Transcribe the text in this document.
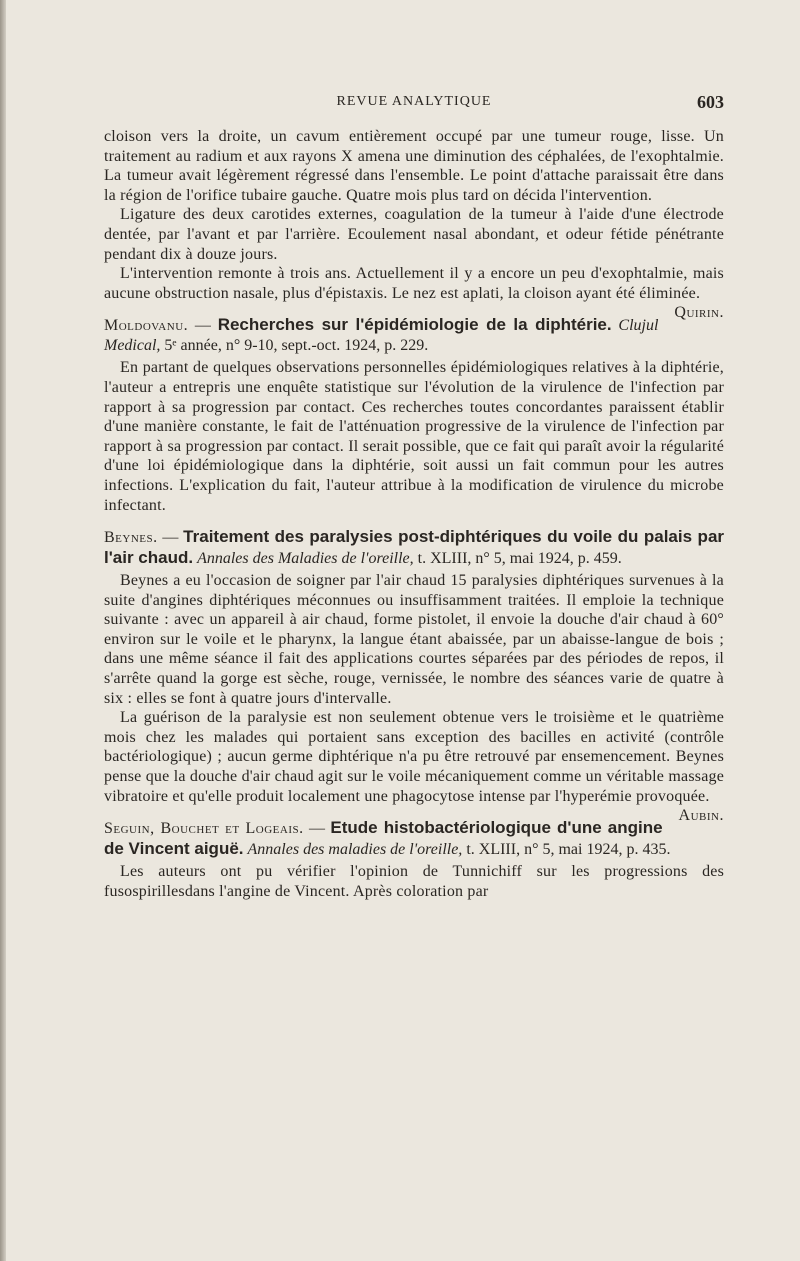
REVUE ANALYTIQUE	603

cloison vers la droite, un cavum entièrement occupé par une tumeur rouge, lisse. Un traitement au radium et aux rayons X amena une diminution des céphalées, de l'exophtalmie. La tumeur avait légèrement régressé dans l'ensemble. Le point d'attache paraissait être dans la région de l'orifice tubaire gauche. Quatre mois plus tard on décida l'intervention.

Ligature des deux carotides externes, coagulation de la tumeur à l'aide d'une électrode dentée, par l'avant et par l'arrière. Ecoulement nasal abondant, et odeur fétide pénétrante pendant dix à douze jours.

L'intervention remonte à trois ans. Actuellement il y a encore un peu d'exophtalmie, mais aucune obstruction nasale, plus d'épistaxis. Le nez est aplati, la cloison ayant été éliminée.
Quirin.

Moldovanu. — Recherches sur l'épidémiologie de la diphtérie. Clujul Medical, 5ᵉ année, n° 9-10, sept.-oct. 1924, p. 229.

En partant de quelques observations personnelles épidémiologiques relatives à la diphtérie, l'auteur a entrepris une enquête statistique sur l'évolution de la virulence de l'infection par rapport à sa progression par contact. Ces recherches toutes concordantes paraissent établir d'une manière constante, le fait de l'atténuation progressive de la virulence de l'infection par rapport à sa progression par contact. Il serait possible, que ce fait qui paraît avoir la régularité d'une loi épidémiologique dans la diphtérie, soit aussi un fait commun pour les autres infections. L'explication du fait, l'auteur attribue à la modification de virulence du microbe infectant.

Beynes. — Traitement des paralysies post-diphtériques du voile du palais par l'air chaud. Annales des Maladies de l'oreille, t. XLIII, n° 5, mai 1924, p. 459.

Beynes a eu l'occasion de soigner par l'air chaud 15 paralysies diphtériques survenues à la suite d'angines diphtériques méconnues ou insuffisamment traitées. Il emploie la technique suivante : avec un appareil à air chaud, forme pistolet, il envoie la douche d'air chaud à 60° environ sur le voile et le pharynx, la langue étant abaissée, par un abaisse-langue de bois ; dans une même séance il fait des applications courtes séparées par des périodes de repos, il s'arrête quand la gorge est sèche, rouge, vernissée, le nombre des séances varie de quatre à six : elles se font à quatre jours d'intervalle.

La guérison de la paralysie est non seulement obtenue vers le troisième et le quatrième mois chez les malades qui portaient sans exception des bacilles en activité (contrôle bactériologique) ; aucun germe diphtérique n'a pu être retrouvé par ensemencement. Beynes pense que la douche d'air chaud agit sur le voile mécaniquement comme un véritable massage vibratoire et qu'elle produit localement une phagocytose intense par l'hyperémie provoquée.
Aubin.

Seguin, Bouchet et Logeais. — Etude histobactériologique d'une angine de Vincent aiguë. Annales des maladies de l'oreille, t. XLIII, n° 5, mai 1924, p. 435.

Les auteurs ont pu vérifier l'opinion de Tunnichiff sur les progressions des fusospirillesdans l'angine de Vincent. Après coloration par
